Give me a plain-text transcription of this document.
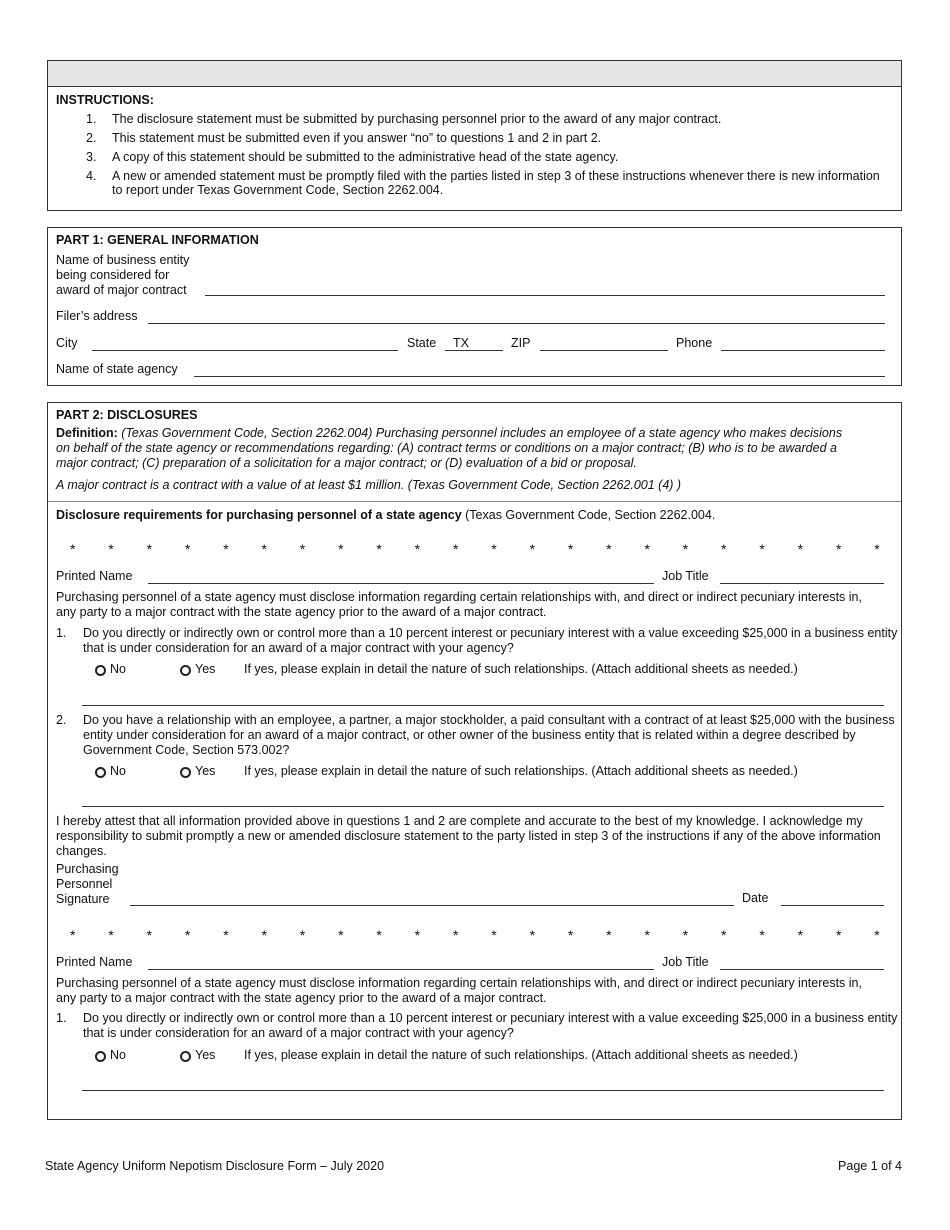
INSTRUCTIONS:
1.	The disclosure statement must be submitted by purchasing personnel prior to the award of any major contract.
2.	This statement must be submitted even if you answer “no” to questions 1 and 2 in part 2.
3.	A copy of this statement should be submitted to the administrative head of the state agency.
4.	A new or amended statement must be promptly filed with the parties listed in step 3 of these instructions whenever there is new information to report under Texas Government Code, Section 2262.004.
PART 1: GENERAL INFORMATION
Name of business entity
being considered for
award of major contract
Filer’s address
City	State TX	ZIP	Phone
Name of state agency
PART 2: DISCLOSURES
Definition: (Texas Government Code, Section 2262.004) Purchasing personnel includes an employee of a state agency who makes decisions on behalf of the state agency or recommendations regarding: (A) contract terms or conditions on a major contract; (B) who is to be awarded a major contract; (C) preparation of a solicitation for a major contract; or (D) evaluation of a bid or proposal.
A major contract is a contract with a value of at least $1 million. (Texas Government Code, Section 2262.001 (4) )
Disclosure requirements for purchasing personnel of a state agency (Texas Government Code, Section 2262.004.
* * * * * * * * * * * * * * * * * * * * * *
Printed Name	Job Title
Purchasing personnel of a state agency must disclose information regarding certain relationships with, and direct or indirect pecuniary interests in, any party to a major contract with the state agency prior to the award of a major contract.
1. Do you directly or indirectly own or control more than a 10 percent interest or pecuniary interest with a value exceeding $25,000 in a business entity that is under consideration for an award of a major contract with your agency?
No	Yes If yes, please explain in detail the nature of such relationships. (Attach additional sheets as needed.)
2. Do you have a relationship with an employee, a partner, a major stockholder, a paid consultant with a contract of at least $25,000 with the business entity under consideration for an award of a major contract, or other owner of the business entity that is related within a degree described by Government Code, Section 573.002?
No	Yes If yes, please explain in detail the nature of such relationships. (Attach additional sheets as needed.)
I hereby attest that all information provided above in questions 1 and 2 are complete and accurate to the best of my knowledge. I acknowledge my responsibility to submit promptly a new or amended disclosure statement to the party listed in step 3 of the instructions if any of the above information changes.
Purchasing
Personnel
Signature	Date
* * * * * * * * * * * * * * * * * * * * * *
Printed Name	Job Title
Purchasing personnel of a state agency must disclose information regarding certain relationships with, and direct or indirect pecuniary interests in, any party to a major contract with the state agency prior to the award of a major contract.
1. Do you directly or indirectly own or control more than a 10 percent interest or pecuniary interest with a value exceeding $25,000 in a business entity that is under consideration for an award of a major contract with your agency?
No	Yes If yes, please explain in detail the nature of such relationships. (Attach additional sheets as needed.)
State Agency Uniform Nepotism Disclosure Form – July 2020	Page 1 of 4
